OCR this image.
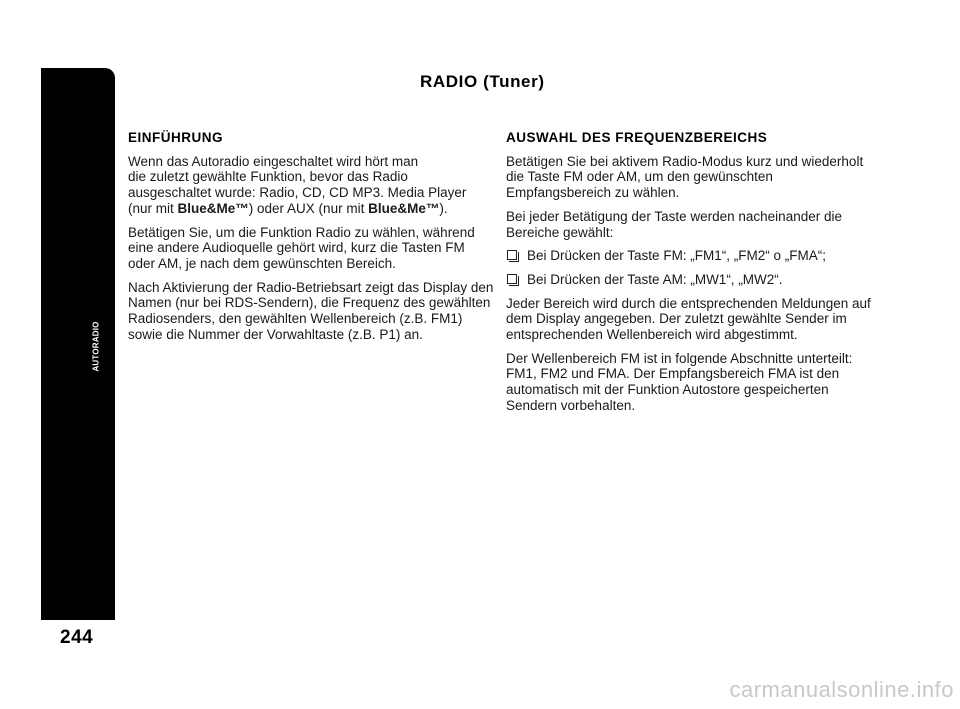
AUTORADIO
244
RADIO (Tuner)
EINFÜHRUNG

Wenn das Autoradio eingeschaltet wird hört man
die zuletzt gewählte Funktion, bevor das Radio
ausgeschaltet wurde: Radio, CD, CD MP3. Media Player
(nur mit Blue&Me™) oder AUX (nur mit Blue&Me™).

Betätigen Sie, um die Funktion Radio zu wählen, während eine andere Audioquelle gehört wird, kurz die Tasten FM oder AM, je nach dem gewünschten Bereich.

Nach Aktivierung der Radio-Betriebsart zeigt das Display den Namen (nur bei RDS-Sendern), die Frequenz des gewählten Radiosenders, den gewählten Wellenbereich (z.B. FM1) sowie die Nummer der Vorwahltaste (z.B. P1) an.

AUSWAHL DES FREQUENZBEREICHS

Betätigen Sie bei aktivem Radio-Modus kurz und wiederholt die Taste FM oder AM, um den gewünschten Empfangsbereich zu wählen.

Bei jeder Betätigung der Taste werden nacheinander die Bereiche gewählt:

Bei Drücken der Taste FM: „FM1“, „FM2“ o „FMA“;
Bei Drücken der Taste AM: „MW1“, „MW2“.

Jeder Bereich wird durch die entsprechenden Meldungen auf dem Display angegeben. Der zuletzt gewählte Sender im entsprechenden Wellenbereich wird abgestimmt.

Der Wellenbereich FM ist in folgende Abschnitte unterteilt: FM1, FM2 und FMA. Der Empfangsbereich FMA ist den automatisch mit der Funktion Autostore gespeicherten Sendern vorbehalten.

carmanualsonline.info
